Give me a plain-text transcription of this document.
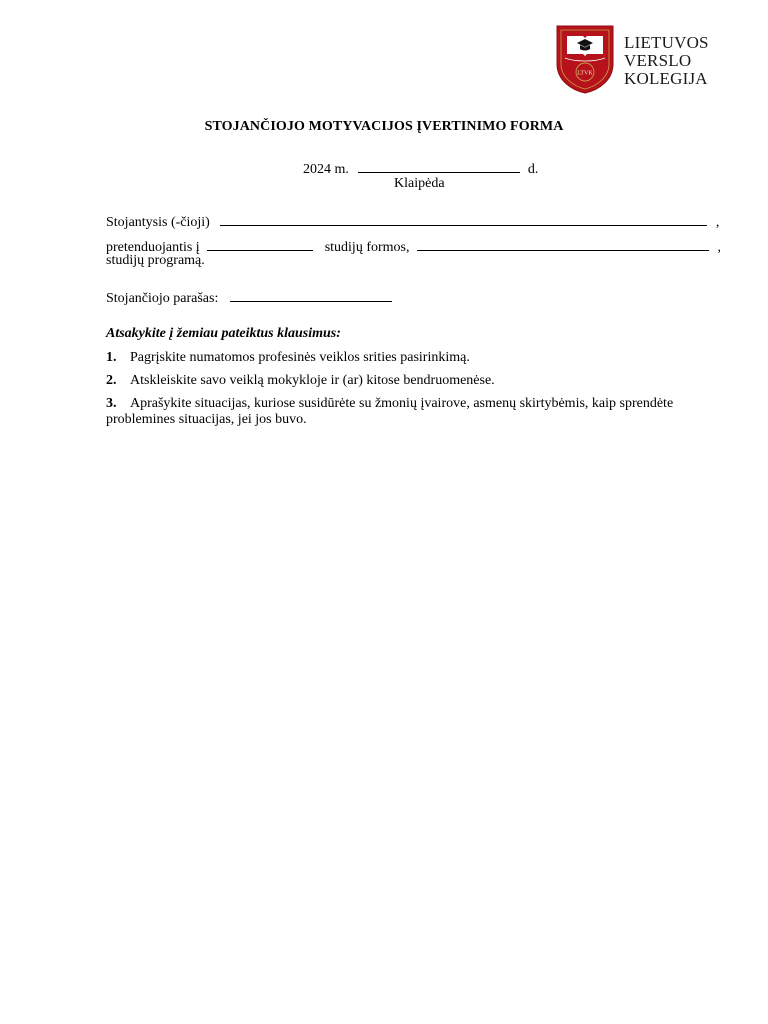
LTVK
LIETUVOS
VERSLO
KOLEGIJA
STOJANČIOJO MOTYVACIJOS ĮVERTINIMO FORMA
2024 m.	d.
Klaipėda
Stojantysis (-čioji)	,
pretenduojantis į	studijų formos,	,
studijų programą.
Stojančiojo parašas:
Atsakykite į žemiau pateiktus klausimus:
1. Pagrįskite numatomos profesinės veiklos srities pasirinkimą.
2. Atskleiskite savo veiklą mokykloje ir (ar) kitose bendruomenėse.
3. Aprašykite situacijas, kuriose susidūrėte su žmonių įvairove, asmenų skirtybėmis, kaip sprendėte problemines situacijas, jei jos buvo.
